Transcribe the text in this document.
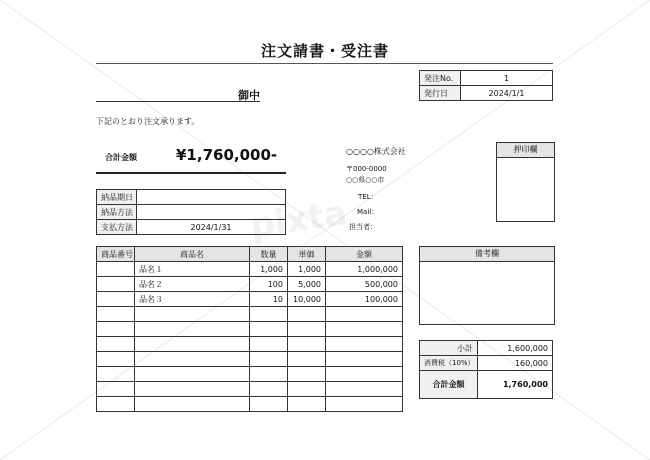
pixta
注文請書・受注書
発注No.	1
発行日	2024/1/1
御中
下記のとおり注文承ります。
合計金額	¥1,760,000-	○○○○株式会社
〒000-0000
○○県○○市
TEL：
Mail：
担当者：
押印欄
納品期日	
納品方法	
支払方法	2024/1/31
商品番号	商品名	数量	単価	金額
	品名１	1,000	1,000	1,000,000
	品名２	100	5,000	500,000
	品名３	10	10,000	100,000

備考欄
小計	1,600,000
消費税（10%）	160,000
合計金額	1,760,000
